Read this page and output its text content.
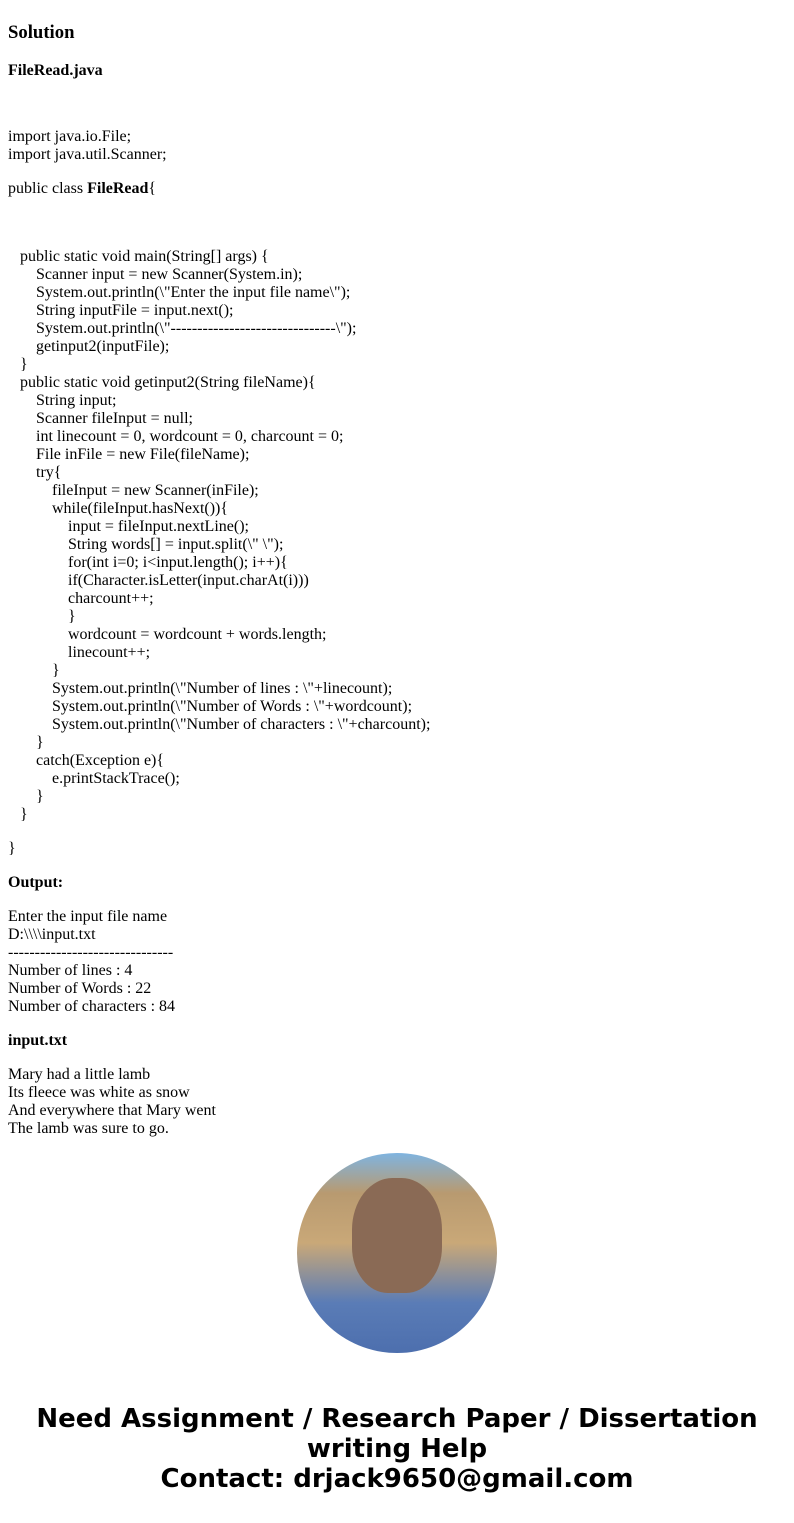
Solution
FileRead.java

import java.io.File;
import java.util.Scanner;

public class FileRead{

public static void main(String[] args) {
Scanner input = new Scanner(System.in);
System.out.println(\"Enter the input file name\");
String inputFile = input.next();
System.out.println(\"-------------------------------\");
getinput2(inputFile);
}
public static void getinput2(String fileName){
String input;
Scanner fileInput = null;
int linecount = 0, wordcount = 0, charcount = 0;
File inFile = new File(fileName);
try{
fileInput = new Scanner(inFile);
while(fileInput.hasNext()){
input = fileInput.nextLine();
String words[] = input.split(\" \");
for(int i=0; i<input.length(); i++){
if(Character.isLetter(input.charAt(i)))
charcount++;
}
wordcount = wordcount + words.length;
linecount++;
}
System.out.println(\"Number of lines : \"+linecount);
System.out.println(\"Number of Words : \"+wordcount);
System.out.println(\"Number of characters : \"+charcount);
}
catch(Exception e){
e.printStackTrace();
}
}

}

Output:
Enter the input file name
D:\\\\input.txt
-------------------------------
Number of lines : 4
Number of Words : 22
Number of characters : 84
input.txt
Mary had a little lamb
Its fleece was white as snow
And everywhere that Mary went
The lamb was sure to go.
Need Assignment / Research Paper / Dissertation
writing Help
Contact: drjack9650@gmail.com
